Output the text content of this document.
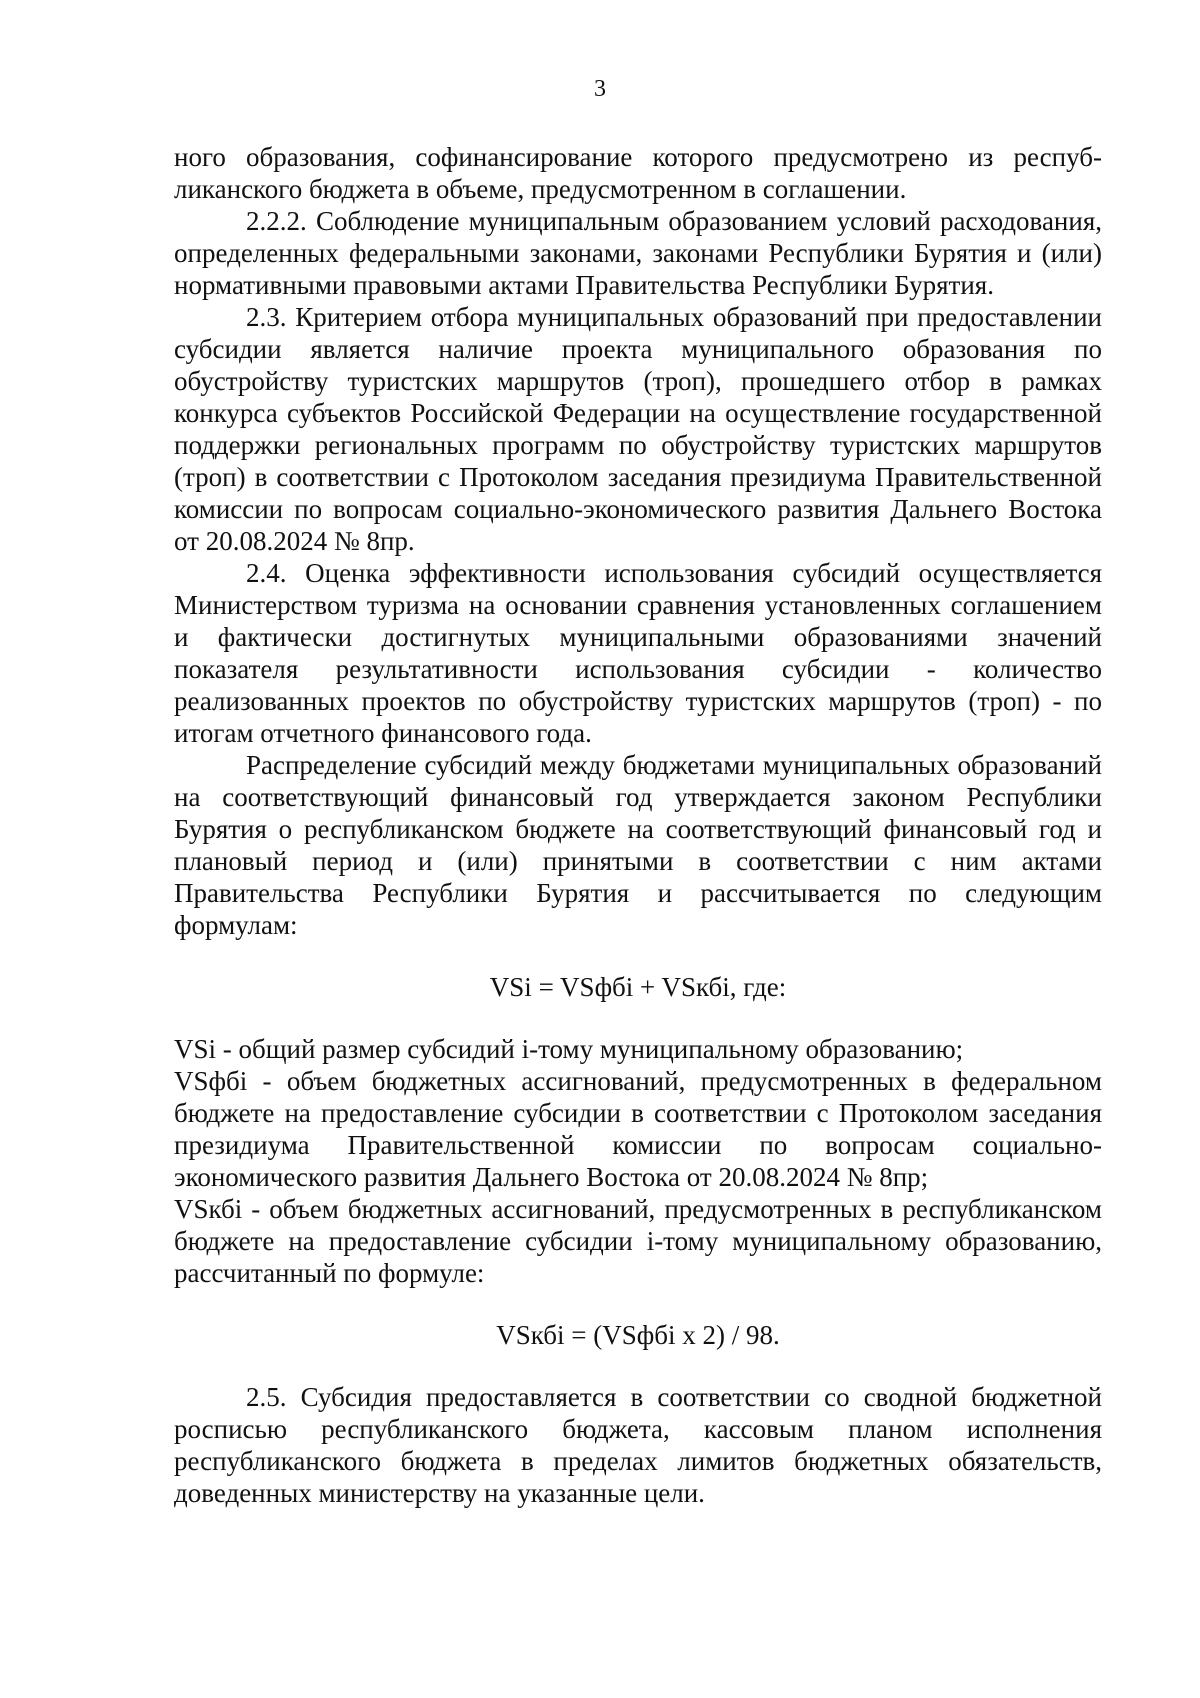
3

ного образования, софинансирование которого предусмотрено из республиканского бюджета в объеме, предусмотренном в соглашении.

2.2.2. Соблюдение муниципальным образованием условий расходования, определенных федеральными законами, законами Республики Бурятия и (или) нормативными правовыми актами Правительства Республики Бурятия.

2.3. Критерием отбора муниципальных образований при предоставлении субсидии является наличие проекта муниципального образования по обустройству туристских маршрутов (троп), прошедшего отбор в рамках конкурса субъектов Российской Федерации на осуществление государственной поддержки региональных программ по обустройству туристских маршрутов (троп) в соответствии с Протоколом заседания президиума Правительственной комиссии по вопросам социально-экономического развития Дальнего Востока от 20.08.2024 № 8пр.

2.4. Оценка эффективности использования субсидий осуществляется Министерством туризма на основании сравнения установленных соглашением и фактически достигнутых муниципальными образованиями значений показателя результативности использования субсидии - количество реализованных проектов по обустройству туристских маршрутов (троп) - по итогам отчетного финансового года.

Распределение субсидий между бюджетами муниципальных образований на соответствующий финансовый год утверждается законом Республики Бурятия о республиканском бюджете на соответствующий финансовый год и плановый период и (или) принятыми в соответствии с ним актами Правительства Республики Бурятия и рассчитывается по следующим формулам:

VSi = VSфбi + VSкбi, где:

VSi - общий размер субсидий i-тому муниципальному образованию;

VSфбi - объем бюджетных ассигнований, предусмотренных в федеральном бюджете на предоставление субсидии в соответствии с Протоколом заседания президиума Правительственной комиссии по вопросам социально-экономического развития Дальнего Востока от 20.08.2024 № 8пр;

VSкбi - объем бюджетных ассигнований, предусмотренных в республиканском бюджете на предоставление субсидии i-тому муниципальному образованию, рассчитанный по формуле:

VSкбi = (VSфбi х 2) / 98.

2.5. Субсидия предоставляется в соответствии со сводной бюджетной росписью республиканского бюджета, кассовым планом исполнения республиканского бюджета в пределах лимитов бюджетных обязательств, доведенных министерству на указанные цели.
